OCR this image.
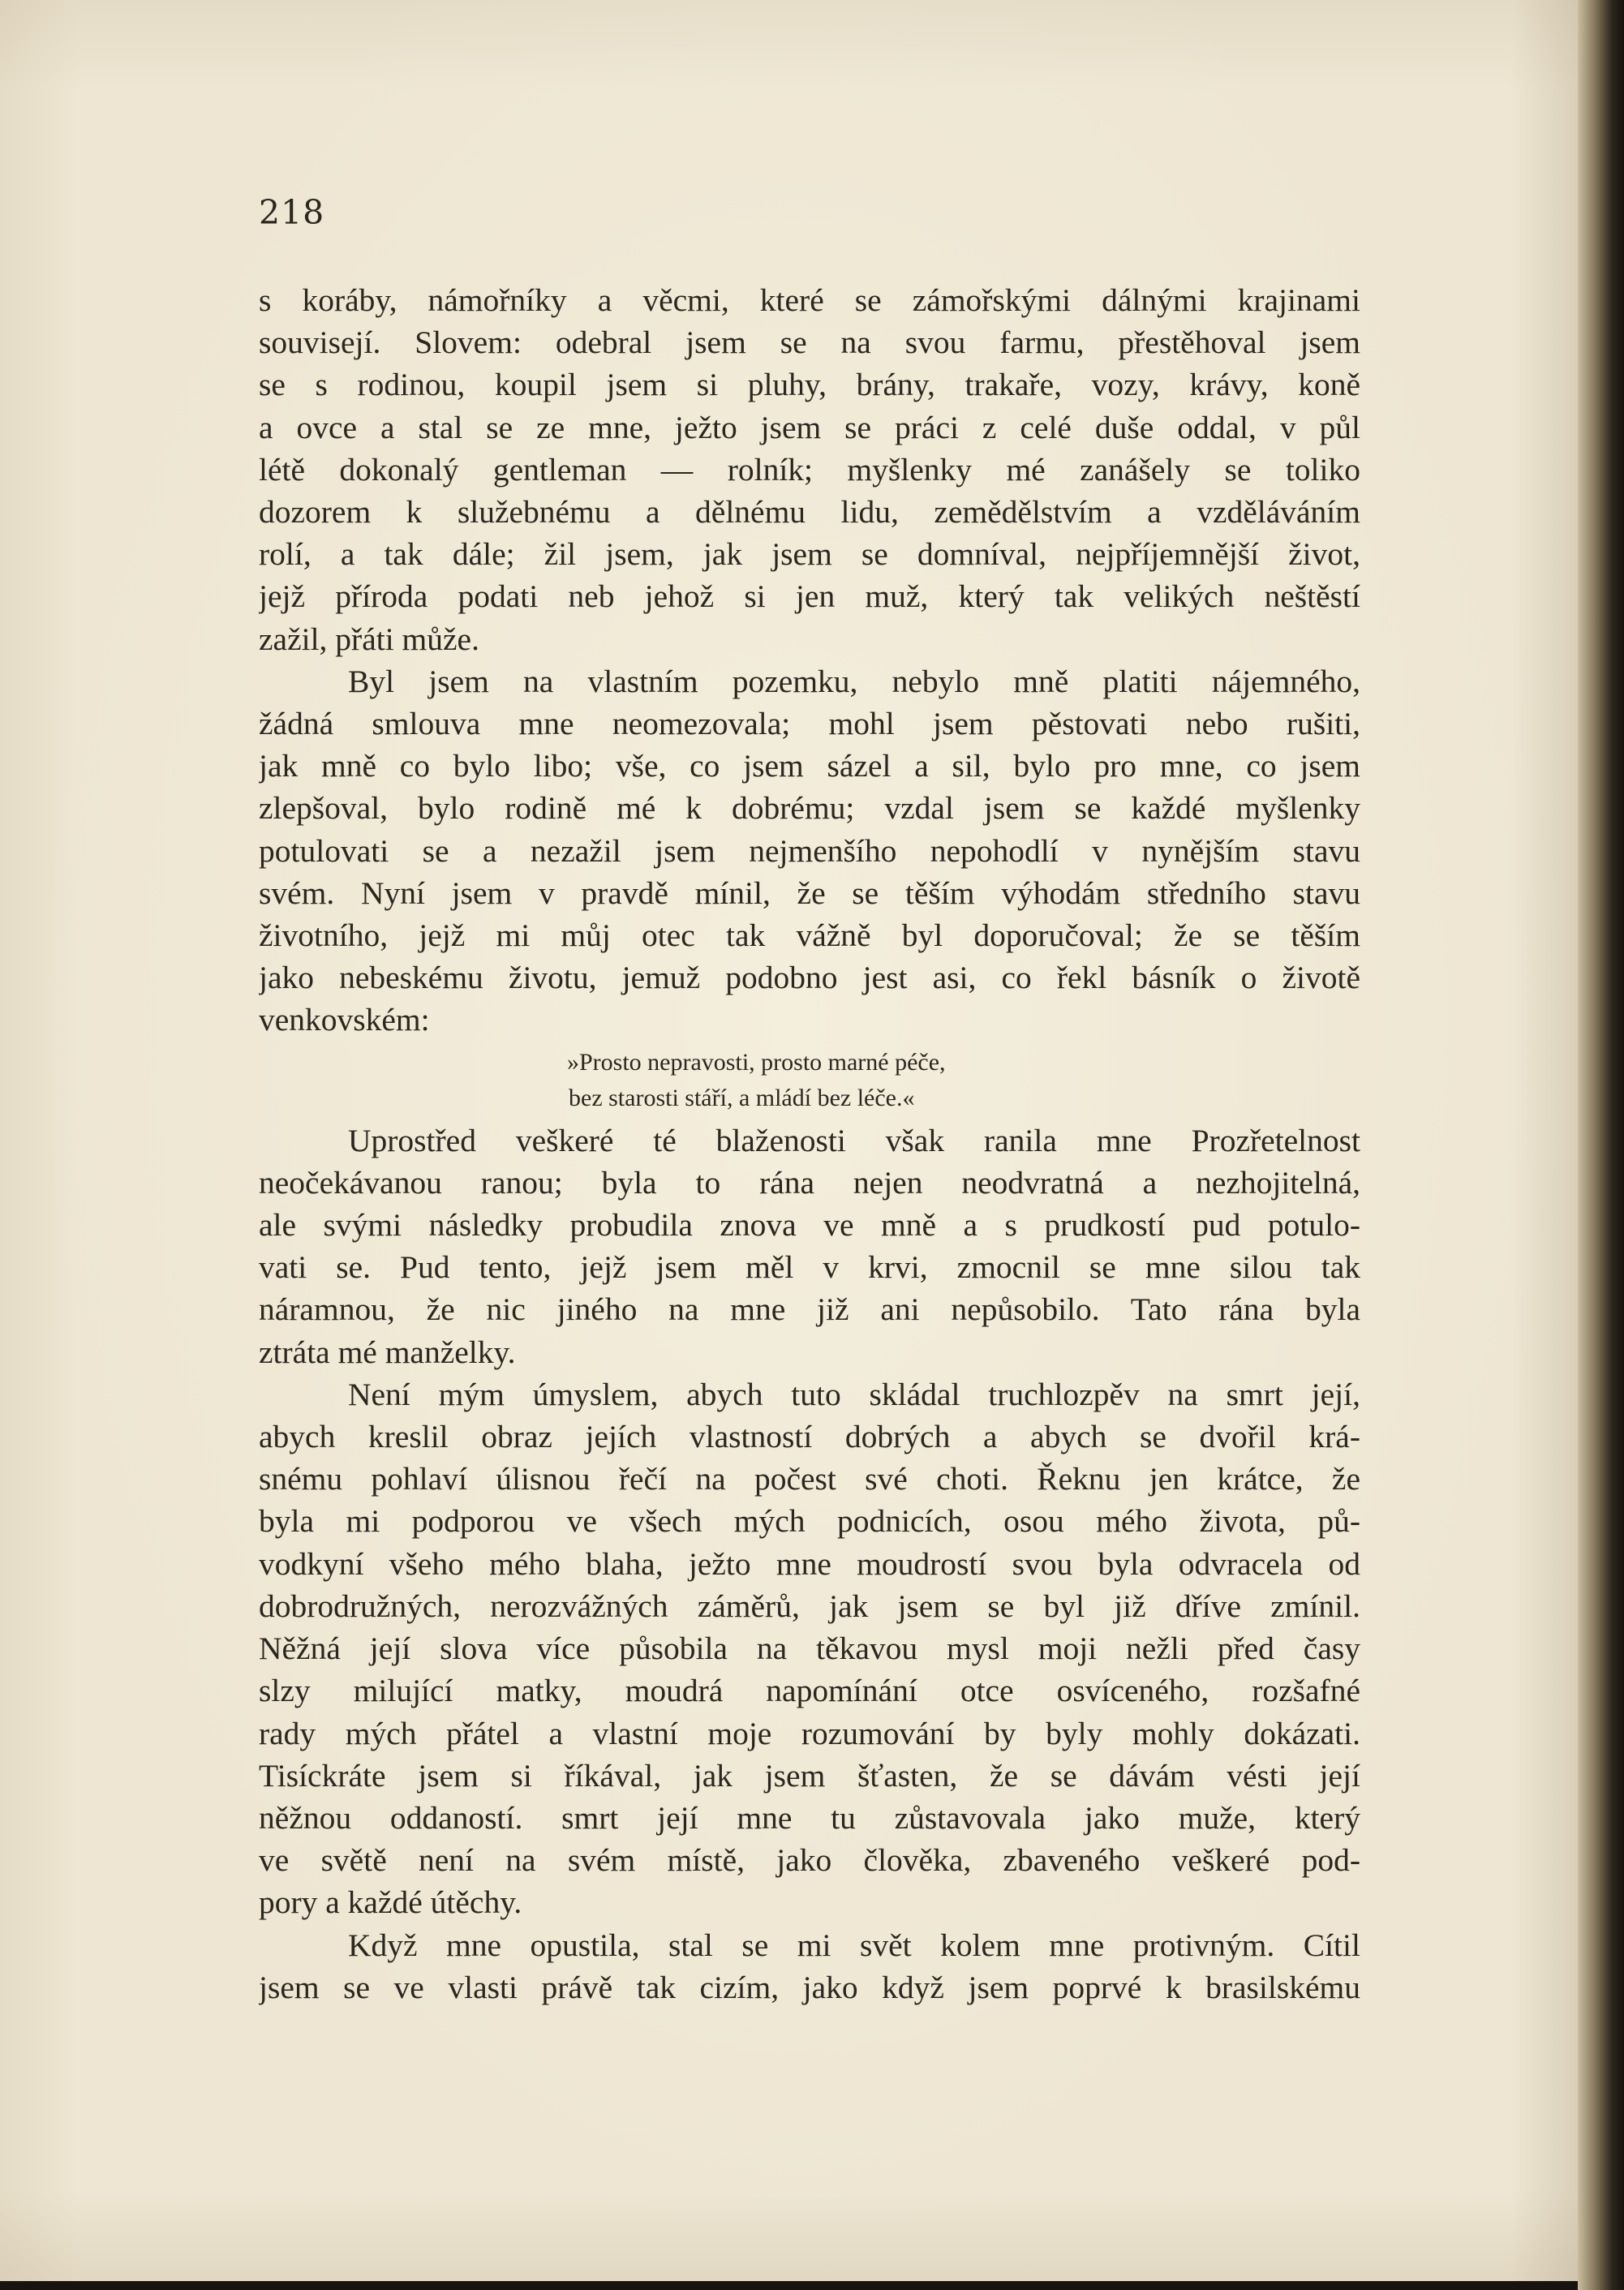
218
s koráby, námořníky a věcmi, které se zámořskými dálnými krajinami
souvisejí. Slovem: odebral jsem se na svou farmu, přestěhoval jsem
se s rodinou, koupil jsem si pluhy, brány, trakaře, vozy, krávy, koně
a ovce a stal se ze mne, ježto jsem se práci z celé duše oddal, v půl
létě dokonalý gentleman — rolník; myšlenky mé zanášely se toliko
dozorem k služebnému a dělnému lidu, zemědělstvím a vzděláváním
rolí, a tak dále; žil jsem, jak jsem se domníval, nejpříjemnější život,
jejž příroda podati neb jehož si jen muž, který tak velikých neštěstí
zažil, přáti může.
Byl jsem na vlastním pozemku, nebylo mně platiti nájemného,
žádná smlouva mne neomezovala; mohl jsem pěstovati nebo rušiti,
jak mně co bylo libo; vše, co jsem sázel a sil, bylo pro mne, co jsem
zlepšoval, bylo rodině mé k dobrému; vzdal jsem se každé myšlenky
potulovati se a nezažil jsem nejmenšího nepohodlí v nynějším stavu
svém. Nyní jsem v pravdě mínil, že se těším výhodám středního stavu
životního, jejž mi můj otec tak vážně byl doporučoval; že se těším
jako nebeskému životu, jemuž podobno jest asi, co řekl básník o životě
venkovském:
»Prosto nepravosti, prosto marné péče,
bez starosti stáří, a mládí bez léče.«
Uprostřed veškeré té blaženosti však ranila mne Prozřetelnost
neočekávanou ranou; byla to rána nejen neodvratná a nezhojitelná,
ale svými následky probudila znova ve mně a s prudkostí pud potulo-
vati se. Pud tento, jejž jsem měl v krvi, zmocnil se mne silou tak
náramnou, že nic jiného na mne již ani nepůsobilo. Tato rána byla
ztráta mé manželky.
Není mým úmyslem, abych tuto skládal truchlozpěv na smrt její,
abych kreslil obraz jejích vlastností dobrých a abych se dvořil krá-
snému pohlaví úlisnou řečí na počest své choti. Řeknu jen krátce, že
byla mi podporou ve všech mých podnicích, osou mého života, pů-
vodkyní všeho mého blaha, ježto mne moudrostí svou byla odvracela od
dobrodružných, nerozvážných záměrů, jak jsem se byl již dříve zmínil.
Něžná její slova více působila na těkavou mysl moji nežli před časy
slzy milující matky, moudrá napomínání otce osvíceného, rozšafné
rady mých přátel a vlastní moje rozumování by byly mohly dokázati.
Tisíckráte jsem si říkával, jak jsem šťasten, že se dávám vésti její
něžnou oddaností. smrt její mne tu zůstavovala jako muže, který
ve světě není na svém místě, jako člověka, zbaveného veškeré pod-
pory a každé útěchy.
Když mne opustila, stal se mi svět kolem mne protivným. Cítil
jsem se ve vlasti právě tak cizím, jako když jsem poprvé k brasilskému
